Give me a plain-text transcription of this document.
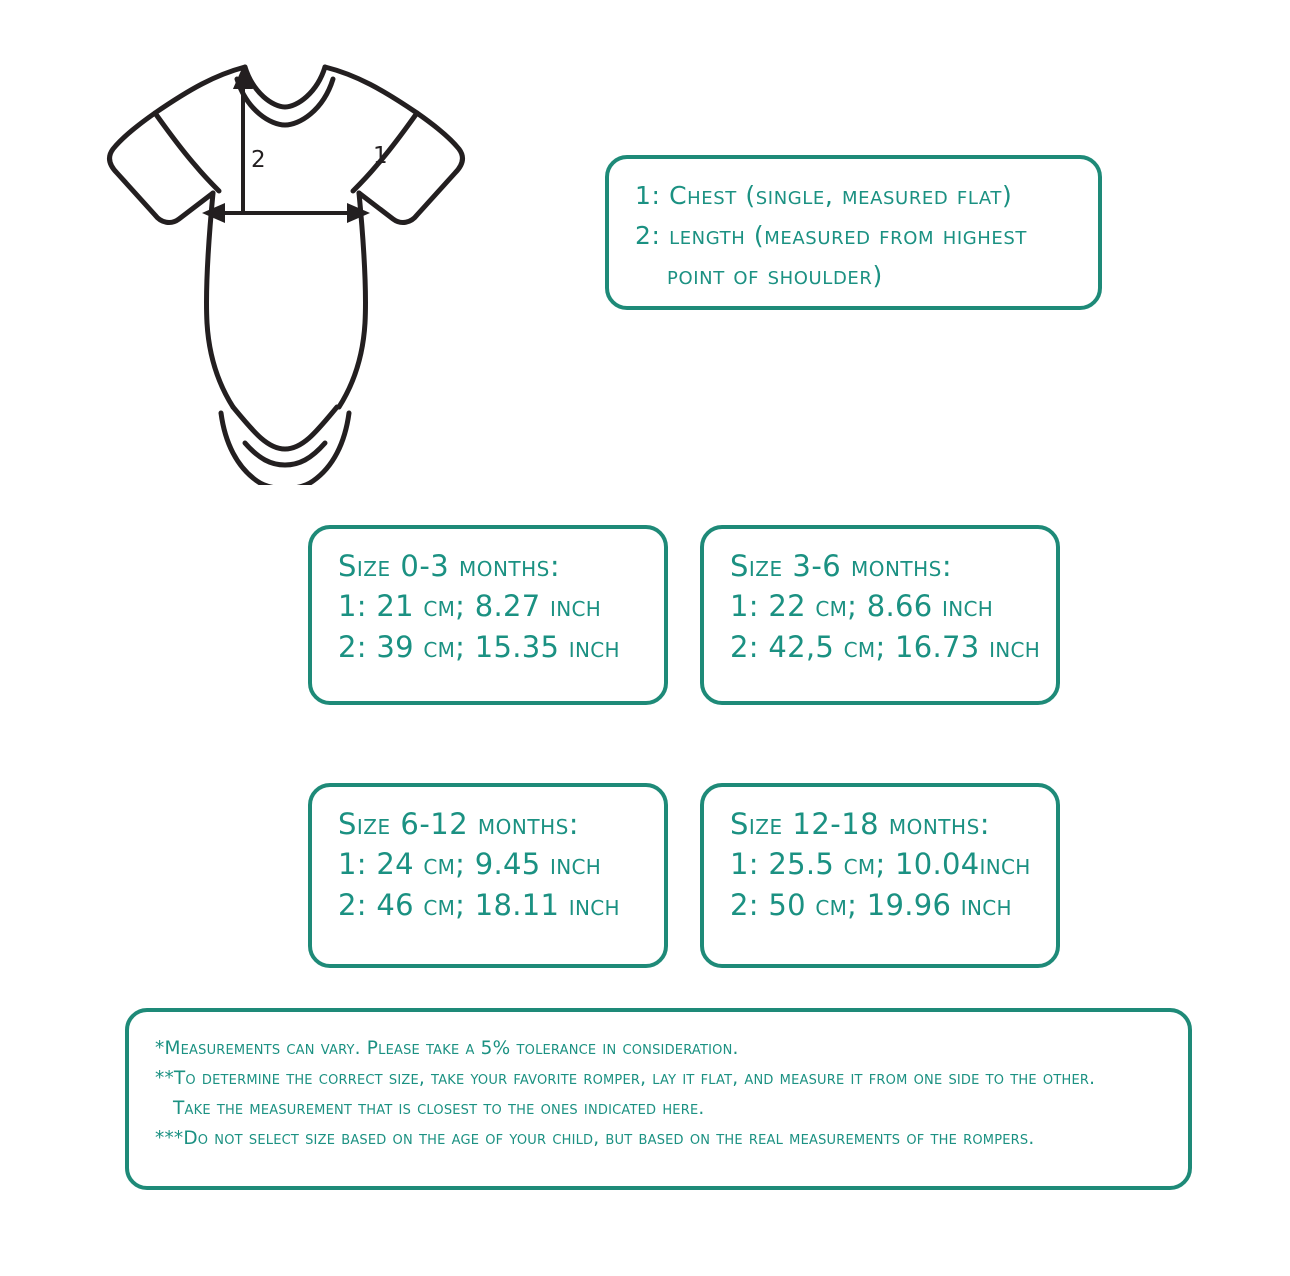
1
2
1: Chest (single, measured flat)
2: length (measured from highest
point of shoulder)
Size 0-3 months:
1: 21 cm; 8.27 inch
2: 39 cm; 15.35 inch
Size 3-6 months:
1: 22 cm; 8.66 inch
2: 42,5 cm; 16.73 inch
Size 6-12 months:
1: 24 cm; 9.45 inch
2: 46 cm; 18.11 inch
Size 12-18 months:
1: 25.5 cm; 10.04inch
2: 50 cm; 19.96 inch
*Measurements can vary. Please take a 5% tolerance in consideration.
**To determine the correct size, take your favorite romper, lay it flat, and measure it from one side to the other.
Take the measurement that is closest to the ones indicated here.
***Do not select size based on the age of your child, but based on the real measurements of the rompers.
